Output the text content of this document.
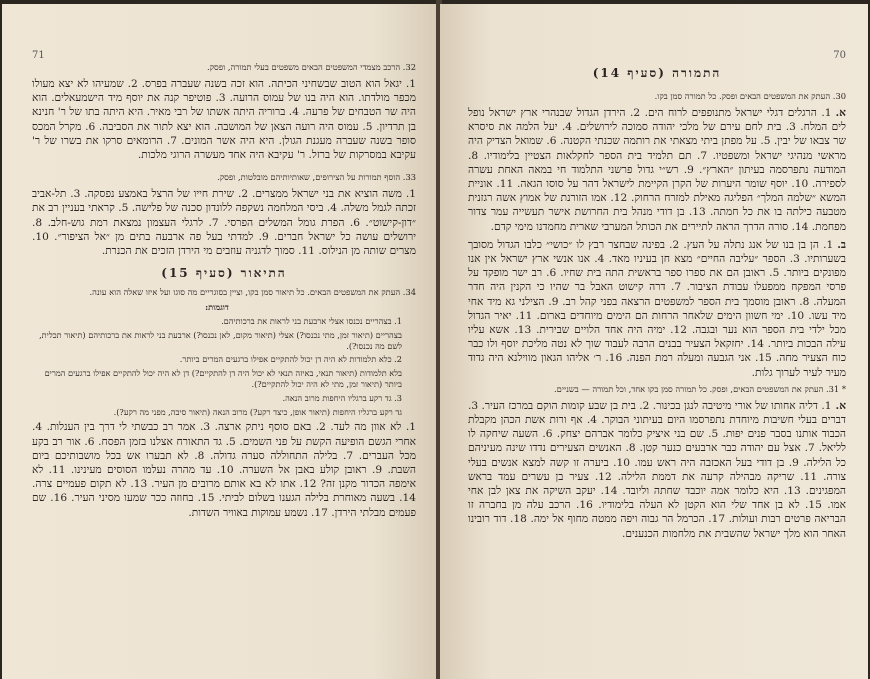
71

32. הרכב מצמדי המשפטים הבאים משפטים בעלי תמורה, ופסק.

1. יגאל הוא הטוב שבשחיני הכיתה. הוא זכה בשנה שעברה בפרס. 2. שמעיהו לא יצא מעולו מכפר מולדתו. הוא היה בנו של עמוס הרועה. 3. פוטיפר קנה את יוסף מיד הישמעאלים. הוא היה שר הטבחים של פרעה. 4. ברוריה היתה אשתו של רבי מאיר. היא היתה בתו של ר' חנינא בן תרדיון. 5. עמוס היה רועה הצאן של המושבה. הוא יצא לתור את הסביבה. 6. מקרל המכס סופר בשנה שעברה מעגנת הגולן. היא היה אשר המונים. 7. הרומאים סרקו את בשרו של ר' עקיבא במסרקות של ברזל. ר' עקיבא היה אחד מעשרה הרוגי מלכות.

33. הוסף תמורות על הצירופים, שאותיותיהם מובלטות, ופסק.

1. משה הוציא את בני ישראל ממצרים. 2. שירת חייו של הרצל באמצע נפסקה. 3. תל-אביב זכתה לגמל משלה. 4. ביסי המלחמה נשקפה ללונדון סכנה של פלישה. 5. קראתי בעניין רב את ״דון-קישוט״. 6. הפרת גומל המשלים הפרסי. 7. לרגלי העצמון נמצאת רמת גוש-חלב. 8. ירושלים עושה כל ישראל חברים. 9. למדתי בעל פה ארבעה בתים מן ״אל הציפור״. 10. מצרים שותה מן הנילוס. 11. סמוך לדגניה עוזבים מי הירדן הזכים את הכנרת.

התיאור (סעיף 15)

34. העתק את המשפטים הבאים. כל תיאור סמן בקו, וציין בסוגריים מה סוגו ועל איזו שאלה הוא עונה.

דוגמות:

1. בצהריים נכנסו אצלי ארבעת בני לראות את ברכותיהם.

בצהריים (תיאור זמן, מתי נכנסו?) אצלי (תיאור מקום, לאן נכנסו?) ארבעת בני לראות את ברכותיהם (תיאור תכלית, לשם מה נכנסו?).

2. כלא תלמודות לא היה דן יכול להתקיים אפילו ברגעים המרים ביותר.

בלא תלמודות (תיאור תנאי, באיזה תנאי לא יכול היה דן להתקיים?) דן לא היה יכול להתקיים אפילו ברגעים המרים ביותר (תיאור זמן, מתי לא היה יכול להתקיים?).

3. גד רקע ברגליו היחפות מרוב הנאה.

גד רקע ברגליו היחפות (תיאור אופן, כיצד רקע?) מרוב הנאה (תיאור סיבה, מפני מה רקע?).

1. לא אוון מה לעד. 2. באם סוסף ניתק ארצה. 3. אמר רב כבשתי לי דרך בין הענלות. 4. אחרי הגשם הופיעה הקשת על פני השמים. 5. גד התאורח אצלנו בזמן הפסח. 6. אור רב בקע מכל העברים. 7. בלילה התחוללה סערה גדולה. 8. לא תבערו אש בכל מושבותיכם ביום השבת. 9. ראובן קולע באבן אל השערה. 10. עד מהרה נעלמו הסוסים מעינינו. 11. לא אימפה הכדור מקנן זה? 12. אתו לא בא אותם מרובים מן העיר. 13. לא תקום פעמיים צרה. 14. בשעה מאוחרת בלילה הגענו בשלום לביתי. 15. בחוזה ככר שמעו מסיני העיר. 16. שם פעמים מבלתי הירדן. 17. נשמע עמוקות באוויר השדות.

70
התמורה (סעיף 14)

30. העתק את המשפטים הבאים ופסק. כל תמורה סמן בקו.

א.1. הרגלים דגלי ישראל מתנופפים לרוח הים. 2. הירדן הגדול שבנהרי ארץ ישראל נופל לים המלח. 3. בית לחם עירם של מלכי יהודה סמוכה לירושלים. 4. יעל הלמה את סיסרא שר צבאו של יבין. 5. על מפתן ביתי מצאתי את רותמה שכנתי הקטנה. 6. שמואל הצדיק היה מראשי מנהיגי ישראל ומשפטיו. 7. תם תלמיד בית הספר לחקלאות הצטיין בלימודיו. 8. המודעה נתפרסמה בעיתון ״הארץ״. 9. רש״י גדול פרשני התלמוד חי במאה האחת עשרה לספירה. 10. יוסף שומר היערות של הקרן הקיימת לישראל דהר על סוסו הגאה. 11. אוניית המשא ״שלמה המלך״ הפליגה מאילת למזרח הרחוק. 12. אמו הזורנת של אמוץ אשה רגזנית מטבעה כילתה בו את כל חמתה. 13. בן דודי מנהל בית החרושת אישר תעשייה עמר צדור מפחמת. 14. סורה הדרך הראה לתיירים את הכותל המערבי שארית מחמדנו מימי קדם.

ב.1. הן בן בנו של אנג נתלה על העץ. 2. בפינה שבחצר רבץ לו ״כושי״ כלבו הגדול מסובך בשערותיו. 3. הספר ״עליבה החיים״ מצא חן בעיניו מאד. 4. אנו אנשי ארץ ישראל אין אנו מפונקים ביותר. 5. ראובן הם את ספרו ספר בראשית התה בית שחיו. 6. רב ישר מופקד על פרסי המפקח ממפעלו עבודת הציבור. 7. דרה קישוט האבל בר שהיו כי הקנין היה חדר המעלה. 8. ראובן מוסמך בית הספר למשפטים הרצאה בפני קהל רב. 9. הצילני גא מיד אחי מיד עשו. 10. ימי חשוון הימים שלאחר הרחות הם הימים מיוחדים בארום. 11. יאיר הגדול מכל ילדי בית הספר הוא נער ובגבה. 12. ימיה היה אחד הלויים שבירית. 13. אשא עליו עילה הבכות ביותר. 14. יחזקאל הצעיר בבנים הרבה לעבוד שוך לא נטה מליכת יוסף ולו כבר כוח הצעיר מחה. 15. אני הגבעה ומעלה רמת הפנה. 16. ר׳ אליהו הגאון מווילנא היה גדוד מעיר לעיר לערוך גלות.

* 31. העתק את המשפטים הבאים, ופסק. כל תמורה סמן בקו אחד, וכל תמורה — בשניים.

א.1. דליה אחותו של אורי מיטיבה לנגן בכינור. 2. בית בן שבע קומות הוקם במרכז העיר. 3. דברים בעלי חשיבות מיוחדת נתפרסמו היום בעיתוני הבוקר. 4. אף ורות אשת הכהן מקבלת הכבוד אותנו בסבר פנים יפות. 5. שם בני איציק כלומר אברהם יצחק. 6. השעה שיחקה לו לליאל. 7. אצל עם יהודה כבר ארבעים כנער קטן. 8. האנשים הצעירים נדדו שינה מעיניהם כל הלילה. 9. בן דודי בעל האכזבה היה ראש עמו. 10. ביערה זו קשה למצא אנשים בעלי צורה. 11. שריקה מבהילה קרעה את דממת הלילה. 12. צעיר בן עשרים עמד בראש המפגינים. 13. היא כלומר אמה יוכבד שחתה וליובד. 14. יעקב השיקה את צאן לבן אחי אמו. 15. לא בן אחד שלי הוא הקטן לא העלה בלימודיו. 16. הרכב עלה מן בחברה זו הבריאה פרטים רבות ועולות. 17. הכרמל הר גבוה ויפה ממטה מחוף אל ימה. 18. דוד רובינו האחר הוא מלך ישראל שהשבית את מלחמות הכנענים.
